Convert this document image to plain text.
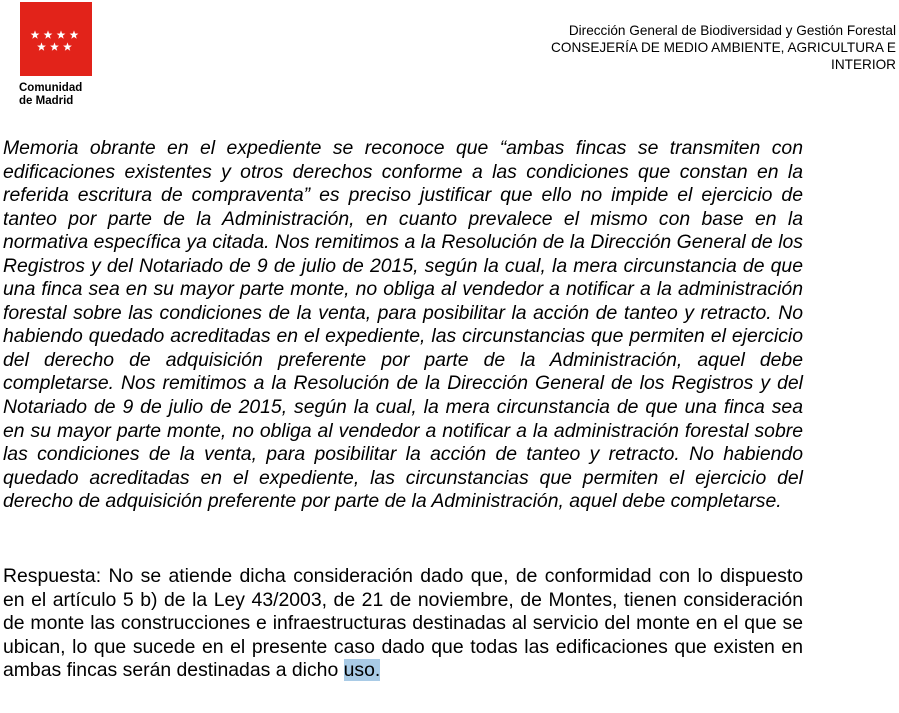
Comunidad
de Madrid
Dirección General de Biodiversidad y Gestión Forestal
CONSEJERÍA DE MEDIO AMBIENTE, AGRICULTURA E
INTERIOR

Memoria obrante en el expediente se reconoce que “ambas fincas se transmiten con edificaciones existentes y otros derechos conforme a las condiciones que constan en la referida escritura de compraventa” es preciso justificar que ello no impide el ejercicio de tanteo por parte de la Administración, en cuanto prevalece el mismo con base en la normativa específica ya citada. Nos remitimos a la Resolución de la Dirección General de los Registros y del Notariado de 9 de julio de 2015, según la cual, la mera circunstancia de que una finca sea en su mayor parte monte, no obliga al vendedor a notificar a la administración forestal sobre las condiciones de la venta, para posibilitar la acción de tanteo y retracto. No habiendo quedado acreditadas en el expediente, las circunstancias que permiten el ejercicio del derecho de adquisición preferente por parte de la Administración, aquel debe completarse. Nos remitimos a la Resolución de la Dirección General de los Registros y del Notariado de 9 de julio de 2015, según la cual, la mera circunstancia de que una finca sea en su mayor parte monte, no obliga al vendedor a notificar a la administración forestal sobre las condiciones de la venta, para posibilitar la acción de tanteo y retracto. No habiendo quedado acreditadas en el expediente, las circunstancias que permiten el ejercicio del derecho de adquisición preferente por parte de la Administración, aquel debe completarse.

Respuesta: No se atiende dicha consideración dado que, de conformidad con lo dispuesto en el artículo 5 b) de la Ley 43/2003, de 21 de noviembre, de Montes, tienen consideración de monte las construcciones e infraestructuras destinadas al servicio del monte en el que se ubican, lo que sucede en el presente caso dado que todas las edificaciones que existen en ambas fincas serán destinadas a dicho uso.
